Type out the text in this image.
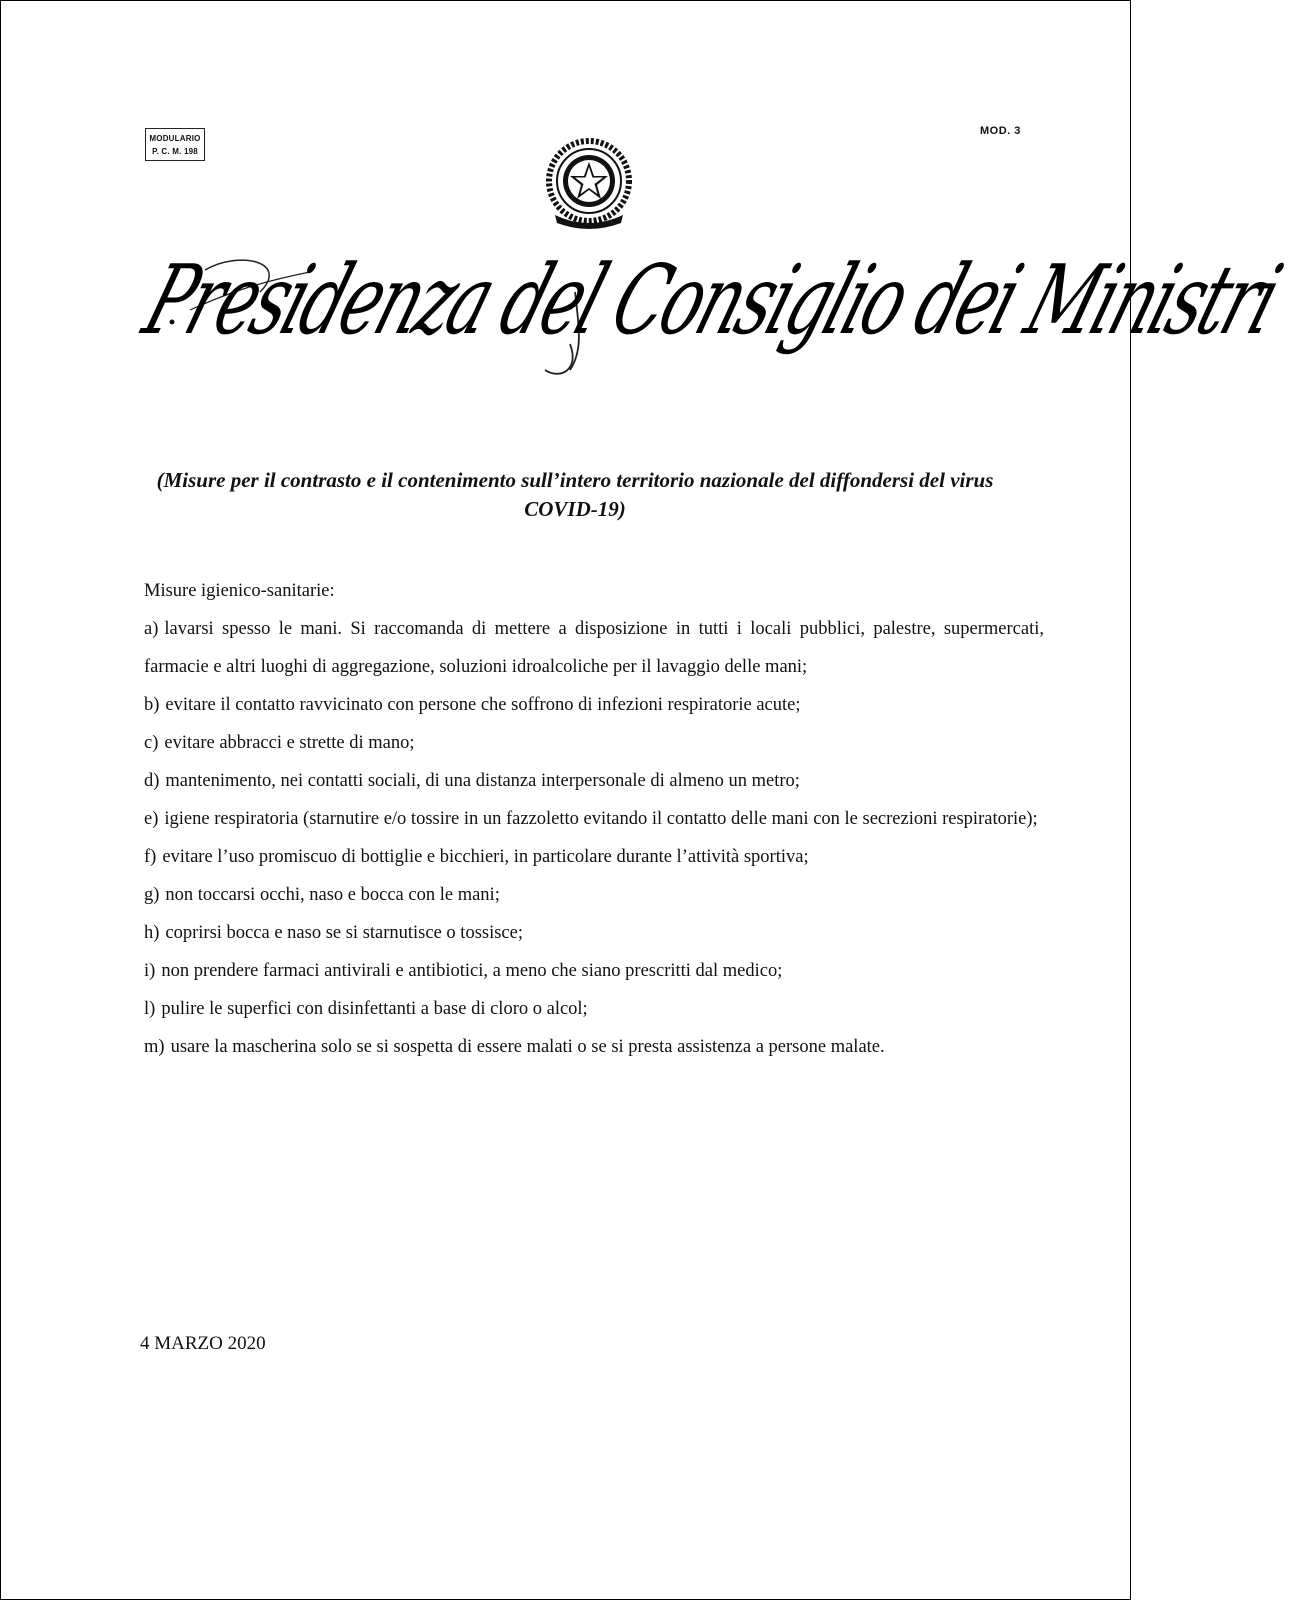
MODULARIO
P. C. M. 198
MOD. 3
Presidenza del Consiglio dei Ministri
(Misure per il contrasto e il contenimento sull’intero territorio nazionale del diffondersi del virus
COVID-19)
Misure igienico-sanitarie:
a) lavarsi spesso le mani. Si raccomanda di mettere a disposizione in tutti i locali pubblici, palestre, supermercati, farmacie e altri luoghi di aggregazione, soluzioni idroalcoliche per il lavaggio delle mani;
b) evitare il contatto ravvicinato con persone che soffrono di infezioni respiratorie acute;
c) evitare abbracci e strette di mano;
d) mantenimento, nei contatti sociali, di una distanza interpersonale di almeno un metro;
e) igiene respiratoria (starnutire e/o tossire in un fazzoletto evitando il contatto delle mani con le secrezioni respiratorie);
f) evitare l’uso promiscuo di bottiglie e bicchieri, in particolare durante l’attività sportiva;
g) non toccarsi occhi, naso e bocca con le mani;
h) coprirsi bocca e naso se si starnutisce o tossisce;
i) non prendere farmaci antivirali e antibiotici, a meno che siano prescritti dal medico;
l) pulire le superfici con disinfettanti a base di cloro o alcol;
m) usare la mascherina solo se si sospetta di essere malati o se si presta assistenza a persone malate.
4 MARZO 2020
